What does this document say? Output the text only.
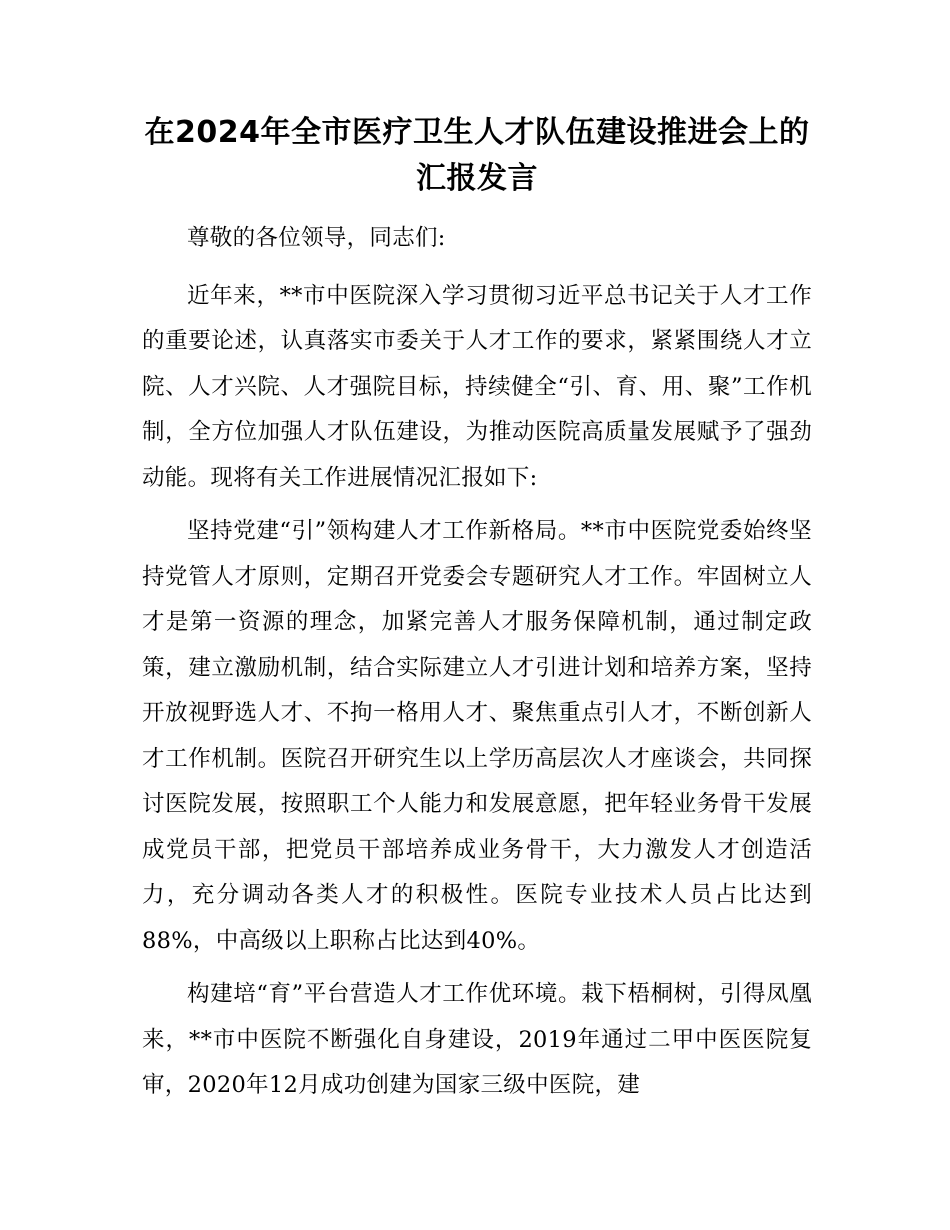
在2024年全市医疗卫生人才队伍建设推进会上的汇报发言

尊敬的各位领导，同志们:

近年来，**市中医院深入学习贯彻习近平总书记关于人才工作的重要论述，认真落实市委关于人才工作的要求，紧紧围绕人才立院、人才兴院、人才强院目标，持续健全“引、育、用、聚”工作机制，全方位加强人才队伍建设，为推动医院高质量发展赋予了强劲动能。现将有关工作进展情况汇报如下:

坚持党建“引”领构建人才工作新格局。**市中医院党委始终坚持党管人才原则，定期召开党委会专题研究人才工作。牢固树立人才是第一资源的理念，加紧完善人才服务保障机制，通过制定政策，建立激励机制，结合实际建立人才引进计划和培养方案，坚持开放视野选人才、不拘一格用人才、聚焦重点引人才，不断创新人才工作机制。医院召开研究生以上学历高层次人才座谈会，共同探讨医院发展，按照职工个人能力和发展意愿，把年轻业务骨干发展成党员干部，把党员干部培养成业务骨干，大力激发人才创造活力，充分调动各类人才的积极性。医院专业技术人员占比达到88%，中高级以上职称占比达到40%。

构建培“育”平台营造人才工作优环境。栽下梧桐树，引得凤凰来，**市中医院不断强化自身建设，2019年通过二甲中医医院复审，2020年12月成功创建为国家三级中医院，建
